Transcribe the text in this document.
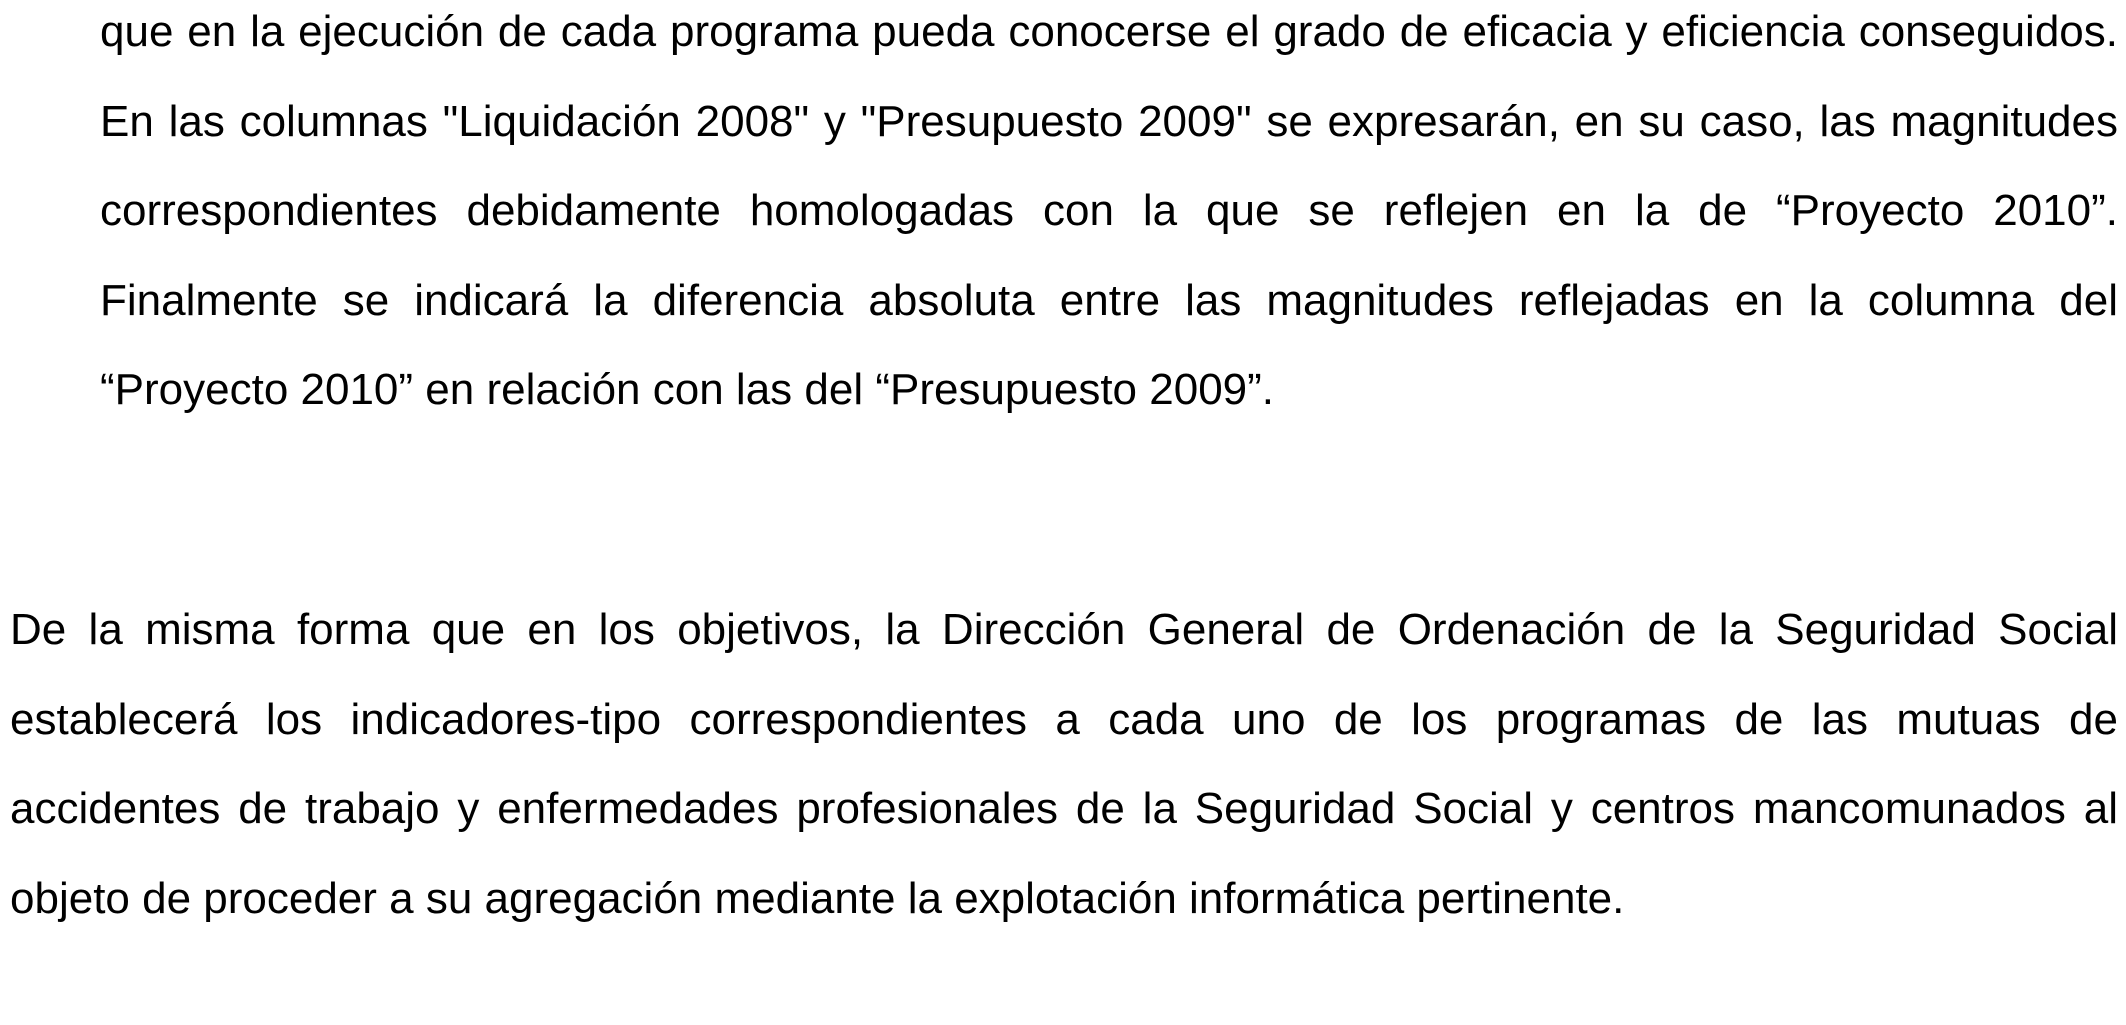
que en la ejecución de cada programa pueda conocerse el grado de eficacia y eficiencia conseguidos. En las columnas "Liquidación 2008" y "Presupuesto 2009" se expresarán, en su caso, las magnitudes correspondientes debidamente homologadas con la que se reflejen en la de “Proyecto 2010”. Finalmente se indicará la diferencia absoluta entre las magnitudes reflejadas en la columna del “Proyecto 2010” en relación con las del “Presupuesto 2009”.

De la misma forma que en los objetivos, la Dirección General de Ordenación de la Seguridad Social establecerá los indicadores-tipo correspondientes a cada uno de los programas de las mutuas de accidentes de trabajo y enfermedades profesionales de la Seguridad Social y centros mancomunados al objeto de proceder a su agregación mediante la explotación informática pertinente.
